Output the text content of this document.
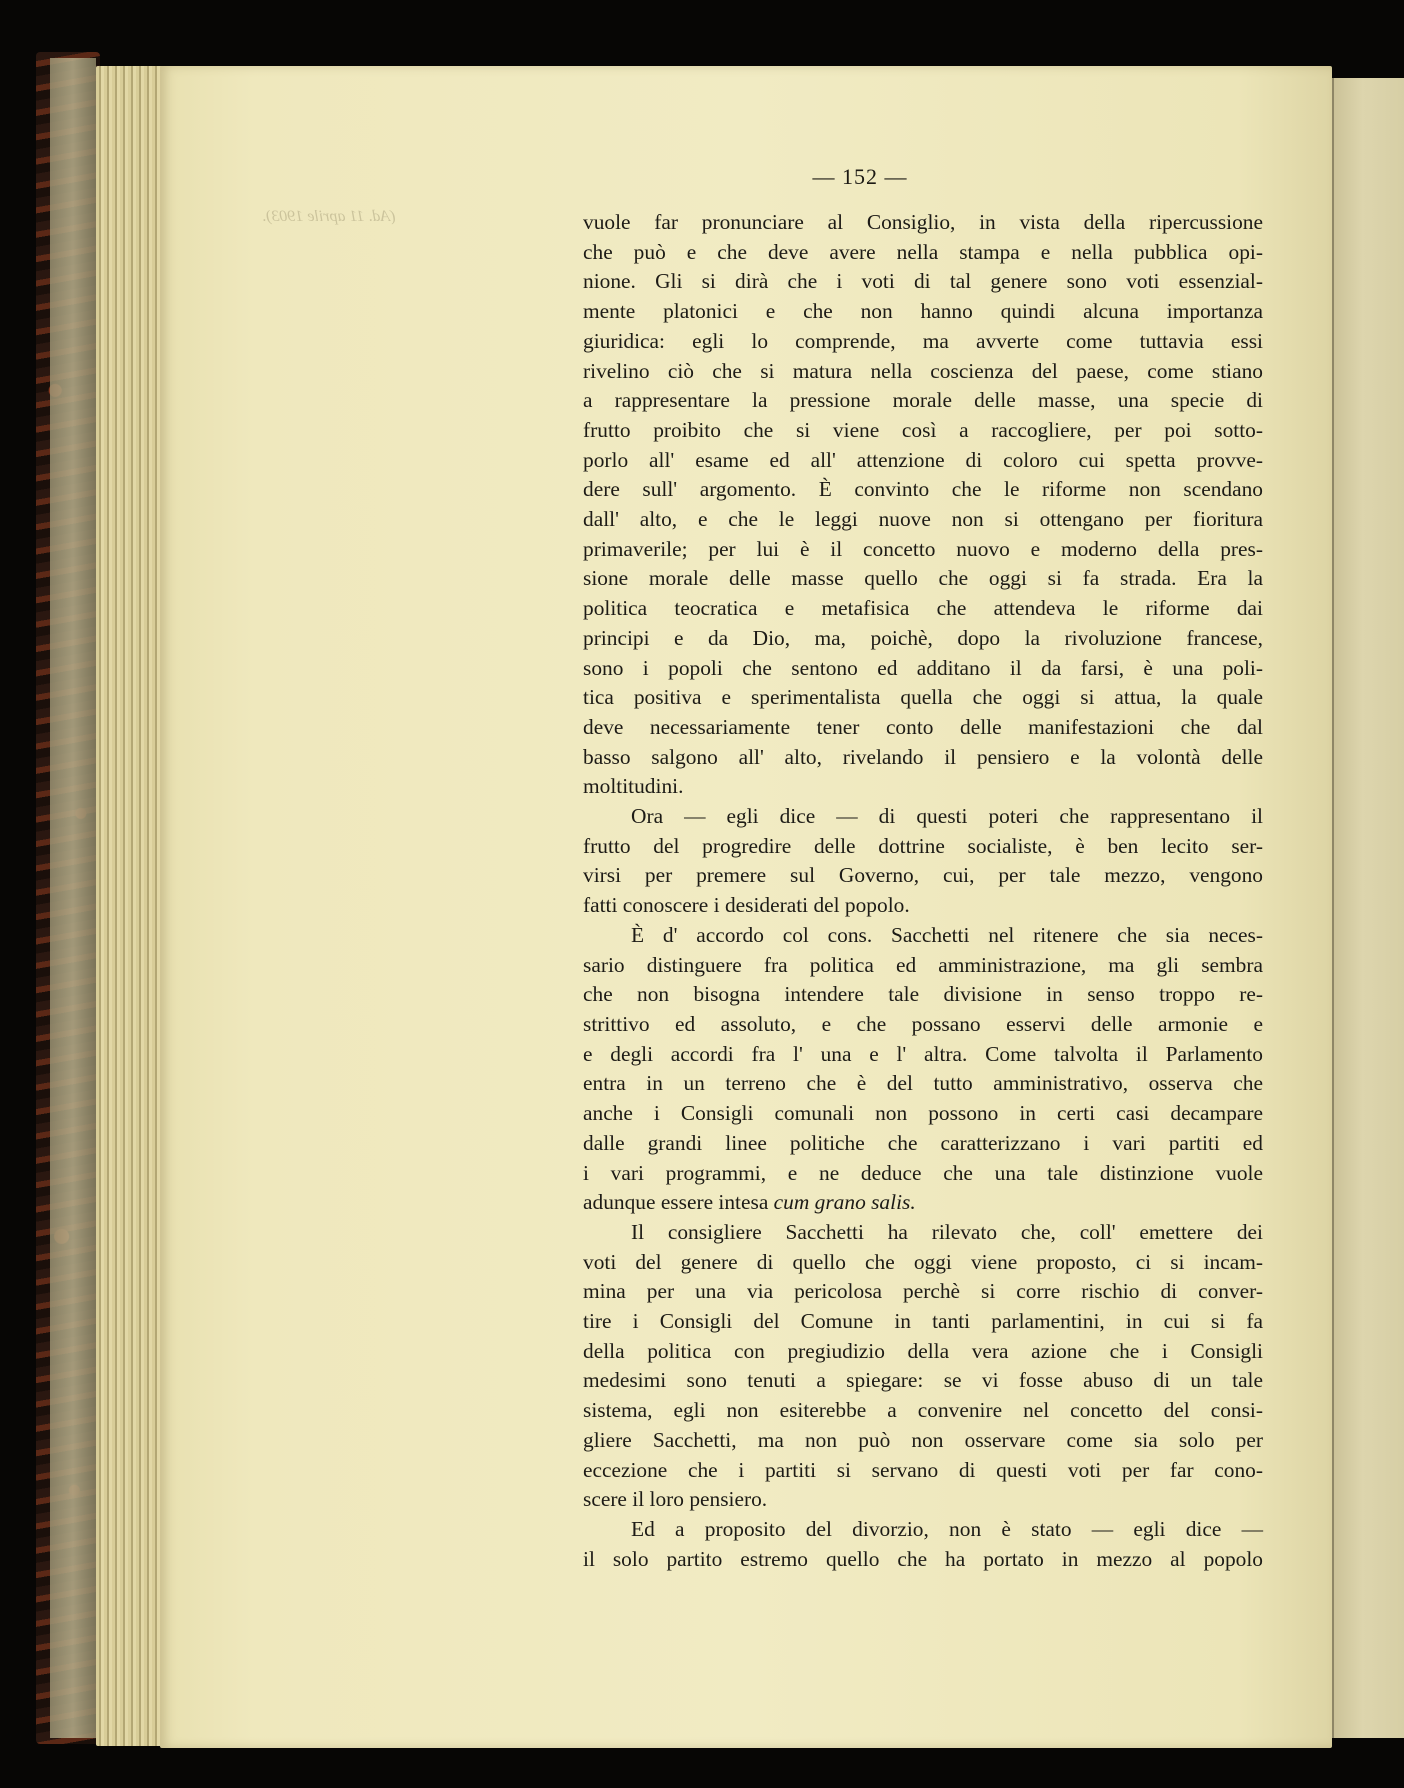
(Ad. 11 aprile 1903).
— 152 —

vuole far pronunciare al Consiglio, in vista della ripercussione
che può e che deve avere nella stampa e nella pubblica opi-
nione. Gli si dirà che i voti di tal genere sono voti essenzial-
mente platonici e che non hanno quindi alcuna importanza
giuridica: egli lo comprende, ma avverte come tuttavia essi
rivelino ciò che si matura nella coscienza del paese, come stiano
a rappresentare la pressione morale delle masse, una specie di
frutto proibito che si viene così a raccogliere, per poi sotto-
porlo all' esame ed all' attenzione di coloro cui spetta provve-
dere sull' argomento. È convinto che le riforme non scendano
dall' alto, e che le leggi nuove non si ottengano per fioritura
primaverile; per lui è il concetto nuovo e moderno della pres-
sione morale delle masse quello che oggi si fa strada. Era la
politica teocratica e metafisica che attendeva le riforme dai
principi e da Dio, ma, poichè, dopo la rivoluzione francese,
sono i popoli che sentono ed additano il da farsi, è una poli-
tica positiva e sperimentalista quella che oggi si attua, la quale
deve necessariamente tener conto delle manifestazioni che dal
basso salgono all' alto, rivelando il pensiero e la volontà delle
moltitudini.

Ora — egli dice — di questi poteri che rappresentano il
frutto del progredire delle dottrine socialiste, è ben lecito ser-
virsi per premere sul Governo, cui, per tale mezzo, vengono
fatti conoscere i desiderati del popolo.

È d' accordo col cons. Sacchetti nel ritenere che sia neces-
sario distinguere fra politica ed amministrazione, ma gli sembra
che non bisogna intendere tale divisione in senso troppo re-
strittivo ed assoluto, e che possano esservi delle armonie e
e degli accordi fra l' una e l' altra. Come talvolta il Parlamento
entra in un terreno che è del tutto amministrativo, osserva che
anche i Consigli comunali non possono in certi casi decampare
dalle grandi linee politiche che caratterizzano i vari partiti ed
i vari programmi, e ne deduce che una tale distinzione vuole
adunque essere intesa cum grano salis.

Il consigliere Sacchetti ha rilevato che, coll' emettere dei
voti del genere di quello che oggi viene proposto, ci si incam-
mina per una via pericolosa perchè si corre rischio di conver-
tire i Consigli del Comune in tanti parlamentini, in cui si fa
della politica con pregiudizio della vera azione che i Consigli
medesimi sono tenuti a spiegare: se vi fosse abuso di un tale
sistema, egli non esiterebbe a convenire nel concetto del consi-
gliere Sacchetti, ma non può non osservare come sia solo per
eccezione che i partiti si servano di questi voti per far cono-
scere il loro pensiero.

Ed a proposito del divorzio, non è stato — egli dice —
il solo partito estremo quello che ha portato in mezzo al popolo
